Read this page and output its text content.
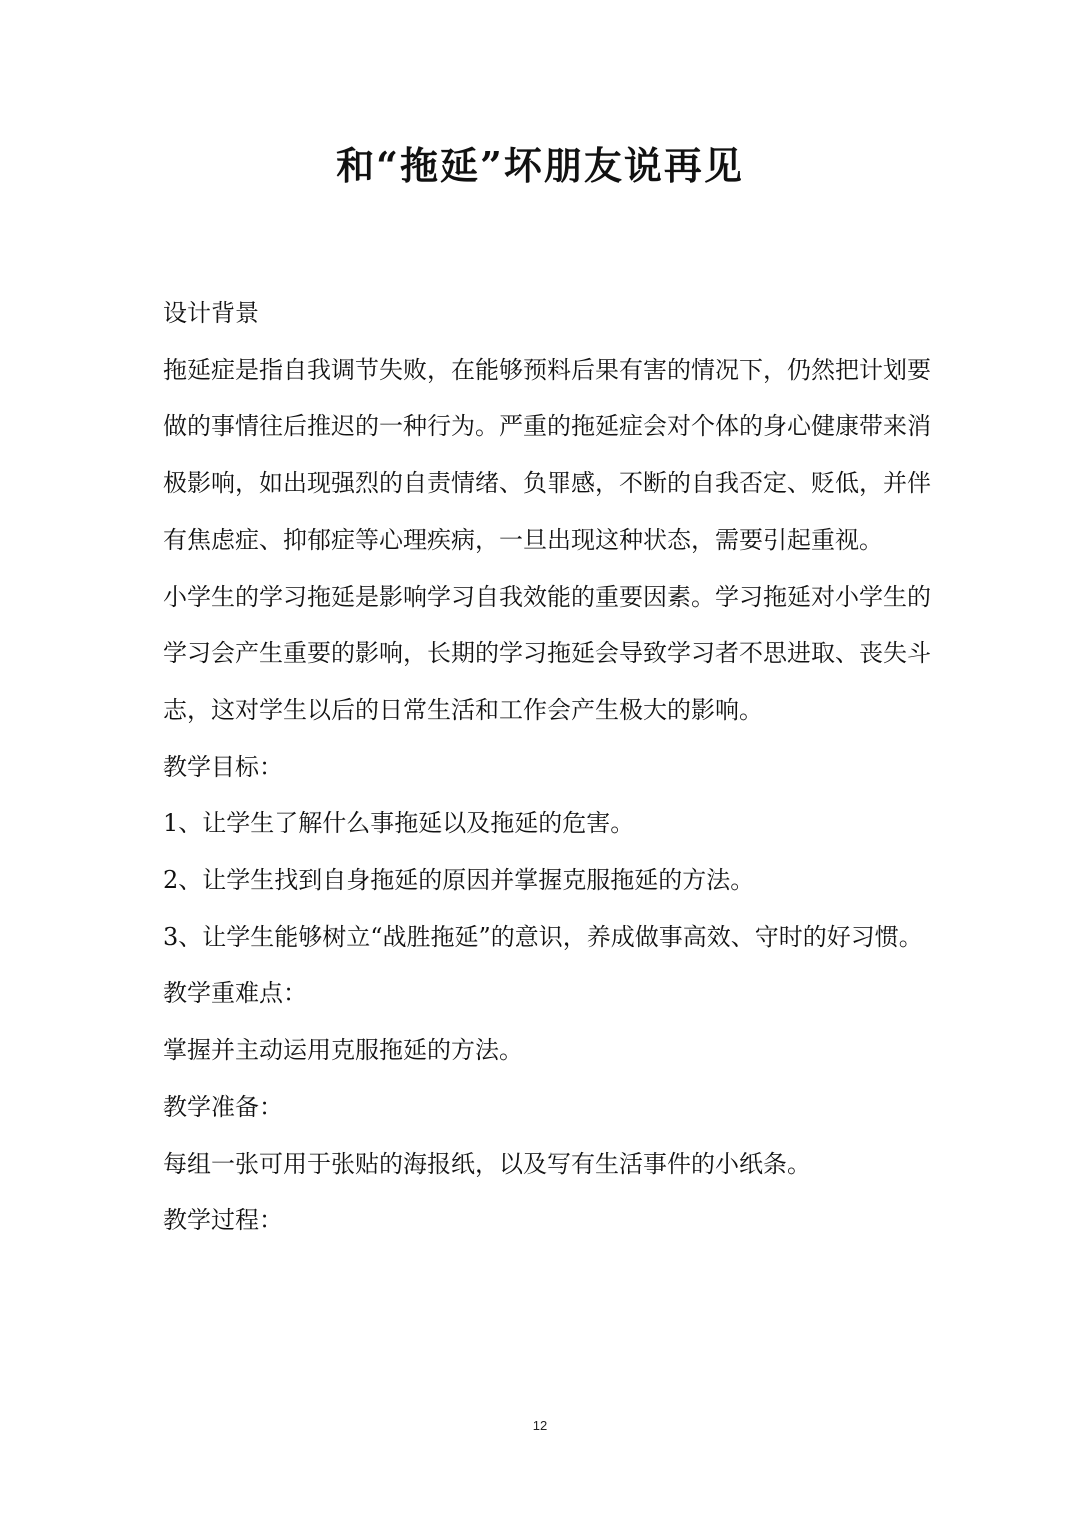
和“拖延”坏朋友说再见

设计背景

拖延症是指自我调节失败，在能够预料后果有害的情况下，仍然把计划要做的事情往后推迟的一种行为。严重的拖延症会对个体的身心健康带来消极影响，如出现强烈的自责情绪、负罪感，不断的自我否定、贬低，并伴有焦虑症、抑郁症等心理疾病，一旦出现这种状态，需要引起重视。

小学生的学习拖延是影响学习自我效能的重要因素。学习拖延对小学生的学习会产生重要的影响，长期的学习拖延会导致学习者不思进取、丧失斗志，这对学生以后的日常生活和工作会产生极大的影响。

教学目标：

1、让学生了解什么事拖延以及拖延的危害。

2、让学生找到自身拖延的原因并掌握克服拖延的方法。

3、让学生能够树立“战胜拖延”的意识，养成做事高效、守时的好习惯。

教学重难点：

掌握并主动运用克服拖延的方法。

教学准备：

每组一张可用于张贴的海报纸，以及写有生活事件的小纸条。

教学过程：

12
